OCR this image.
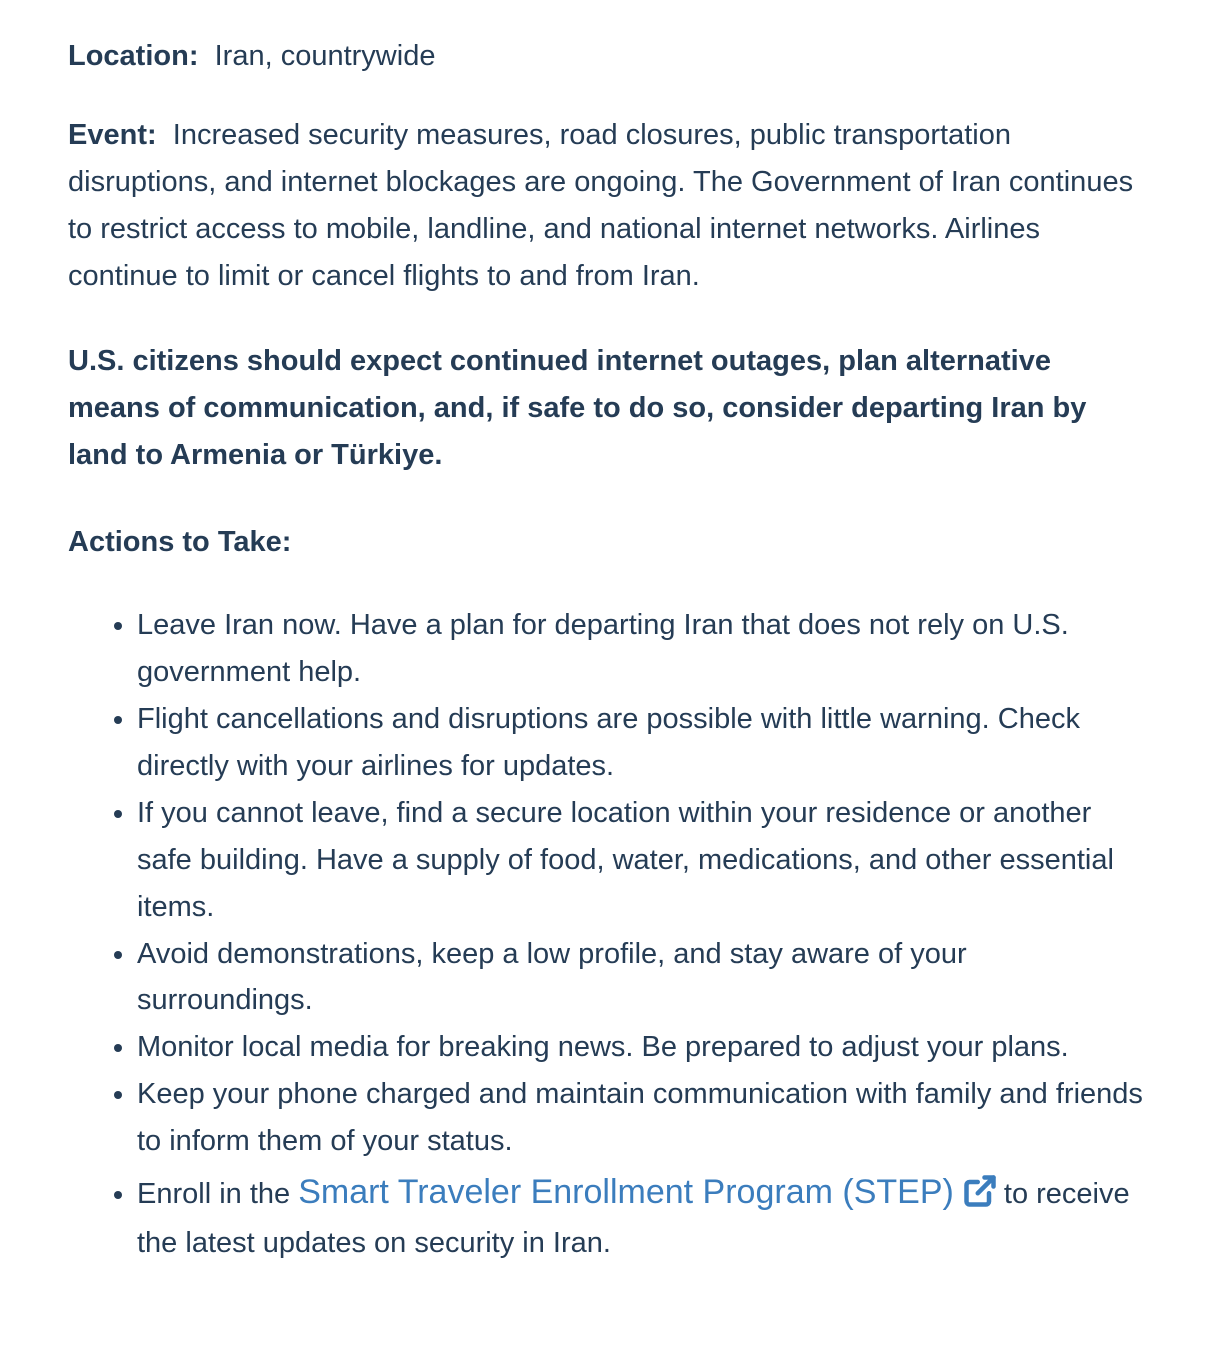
Location: Iran, countrywide

Event: Increased security measures, road closures, public transportation disruptions, and internet blockages are ongoing. The Government of Iran continues to restrict access to mobile, landline, and national internet networks. Airlines continue to limit or cancel flights to and from Iran.

U.S. citizens should expect continued internet outages, plan alternative means of communication, and, if safe to do so, consider departing Iran by land to Armenia or Türkiye.

Actions to Take:

• Leave Iran now. Have a plan for departing Iran that does not rely on U.S. government help.
• Flight cancellations and disruptions are possible with little warning. Check directly with your airlines for updates.
• If you cannot leave, find a secure location within your residence or another safe building. Have a supply of food, water, medications, and other essential items.
• Avoid demonstrations, keep a low profile, and stay aware of your surroundings.
• Monitor local media for breaking news. Be prepared to adjust your plans.
• Keep your phone charged and maintain communication with family and friends to inform them of your status.
• Enroll in the Smart Traveler Enrollment Program (STEP) to receive the latest updates on security in Iran.
